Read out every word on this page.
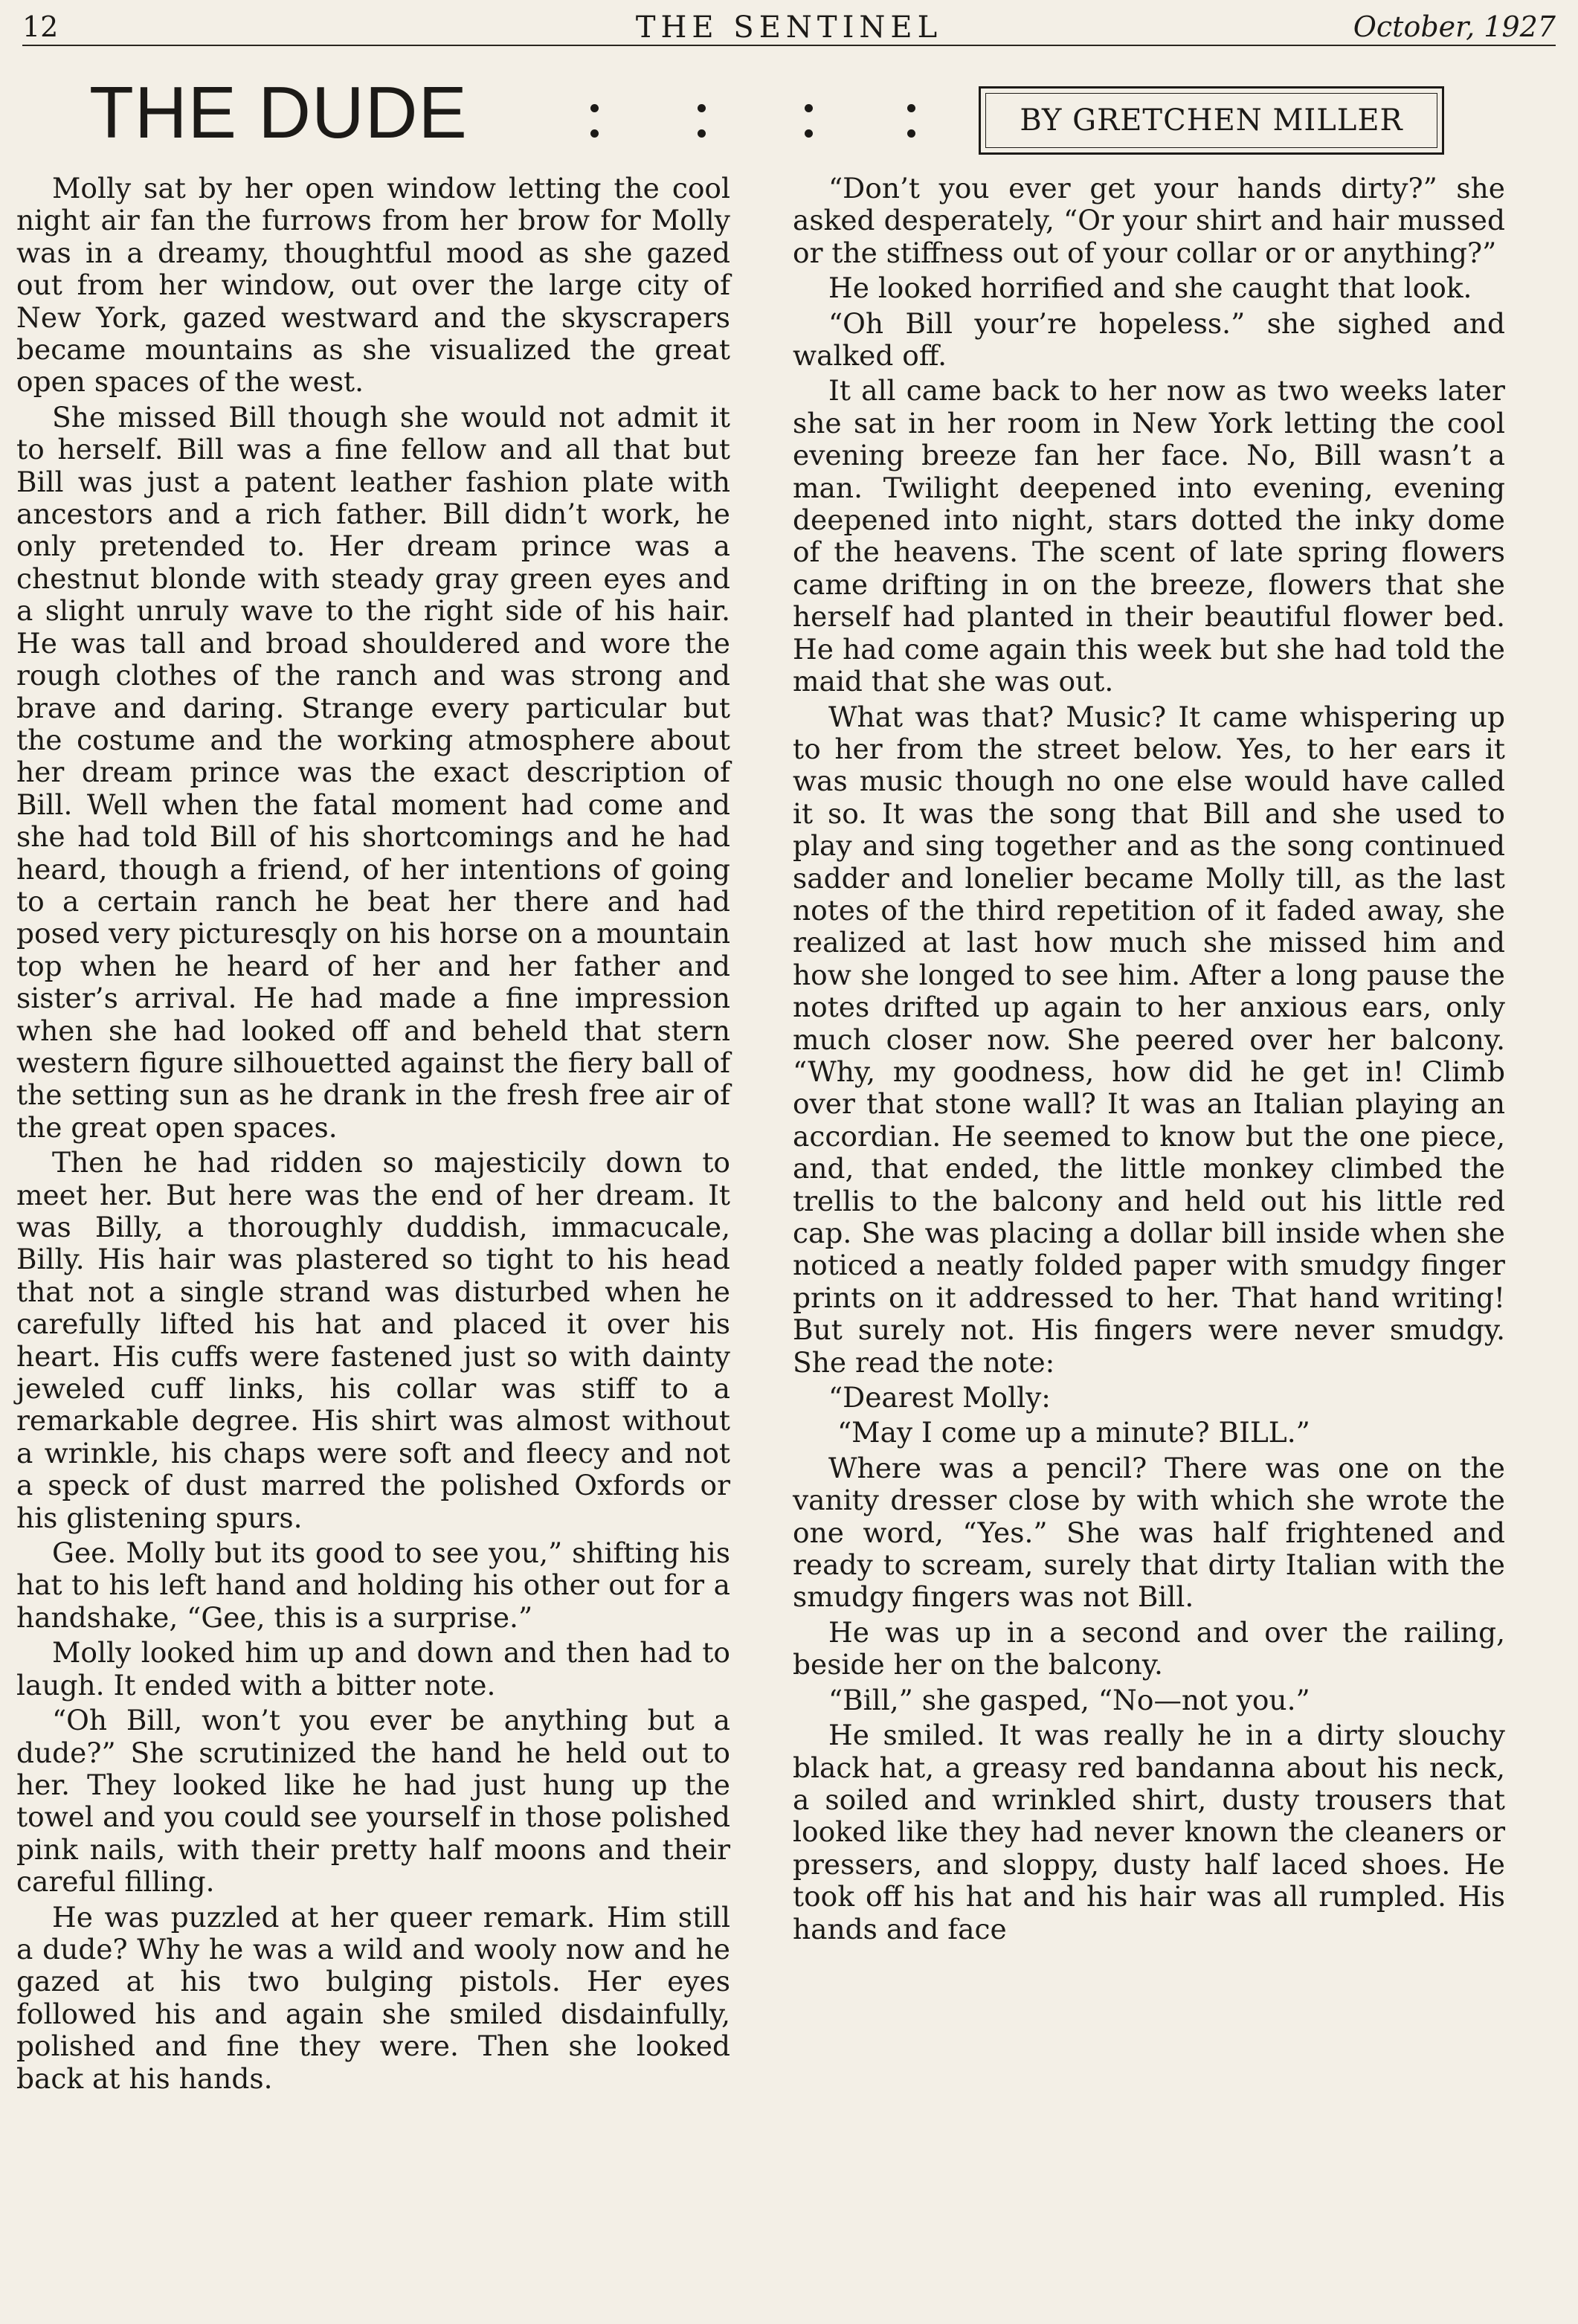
12	THE SENTINEL	October, 1927
THE DUDE	BY GRETCHEN MILLER

Molly sat by her open window letting the cool night air fan the furrows from her brow for Molly was in a dreamy, thoughtful mood as she gazed out from her window, out over the large city of New York, gazed westward and the skyscrapers became mountains as she visualized the great open spaces of the west.

She missed Bill though she would not admit it to herself. Bill was a fine fellow and all that but Bill was just a patent leather fashion plate with ancestors and a rich father. Bill didn’t work, he only pretended to. Her dream prince was a chestnut blonde with steady gray green eyes and a slight unruly wave to the right side of his hair. He was tall and broad shouldered and wore the rough clothes of the ranch and was strong and brave and daring. Strange every particular but the costume and the working atmosphere about her dream prince was the exact description of Bill. Well when the fatal moment had come and she had told Bill of his shortcomings and he had heard, though a friend, of her intentions of going to a certain ranch he beat her there and had posed very picturesqly on his horse on a mountain top when he heard of her and her father and sister’s arrival. He had made a fine impression when she had looked off and beheld that stern western figure silhouetted against the fiery ball of the setting sun as he drank in the fresh free air of the great open spaces.

Then he had ridden so majesticily down to meet her. But here was the end of her dream. It was Billy, a thoroughly duddish, immacucale, Billy. His hair was plastered so tight to his head that not a single strand was disturbed when he carefully lifted his hat and placed it over his heart. His cuffs were fastened just so with dainty jeweled cuff links, his collar was stiff to a remarkable degree. His shirt was almost without a wrinkle, his chaps were soft and fleecy and not a speck of dust marred the polished Oxfords or his glistening spurs.

Gee. Molly but its good to see you,” shifting his hat to his left hand and holding his other out for a handshake, “Gee, this is a surprise.”

Molly looked him up and down and then had to laugh. It ended with a bitter note.

“Oh Bill, won’t you ever be anything but a dude?” She scrutinized the hand he held out to her. They looked like he had just hung up the towel and you could see yourself in those polished pink nails, with their pretty half moons and their careful filling.

He was puzzled at her queer remark. Him still a dude? Why he was a wild and wooly now and he gazed at his two bulging pistols. Her eyes followed his and again she smiled disdainfully, polished and fine they were. Then she looked back at his hands.

“Don’t you ever get your hands dirty?” she asked desperately, “Or your shirt and hair mussed or the stiffness out of your collar or or anything?”

He looked horrified and she caught that look.

“Oh Bill your’re hopeless.” she sighed and walked off.

It all came back to her now as two weeks later she sat in her room in New York letting the cool evening breeze fan her face. No, Bill wasn’t a man. Twilight deepened into evening, evening deepened into night, stars dotted the inky dome of the heavens. The scent of late spring flowers came drifting in on the breeze, flowers that she herself had planted in their beautiful flower bed. He had come again this week but she had told the maid that she was out.

What was that? Music? It came whispering up to her from the street below. Yes, to her ears it was music though no one else would have called it so. It was the song that Bill and she used to play and sing together and as the song continued sadder and lonelier became Molly till, as the last notes of the third repetition of it faded away, she realized at last how much she missed him and how she longed to see him. After a long pause the notes drifted up again to her anxious ears, only much closer now. She peered over her balcony. “Why, my goodness, how did he get in! Climb over that stone wall? It was an Italian playing an accordian. He seemed to know but the one piece, and, that ended, the little monkey climbed the trellis to the balcony and held out his little red cap. She was placing a dollar bill inside when she noticed a neatly folded paper with smudgy finger prints on it addressed to her. That hand writing! But surely not. His fingers were never smudgy. She read the note:

“Dearest Molly:

“May I come up a minute? BILL.”

Where was a pencil? There was one on the vanity dresser close by with which she wrote the one word, “Yes.” She was half frightened and ready to scream, surely that dirty Italian with the smudgy fingers was not Bill.

He was up in a second and over the railing, beside her on the balcony.

“Bill,” she gasped, “No—not you.”

He smiled. It was really he in a dirty slouchy black hat, a greasy red bandanna about his neck, a soiled and wrinkled shirt, dusty trousers that looked like they had never known the cleaners or pressers, and sloppy, dusty half laced shoes. He took off his hat and his hair was all rumpled. His hands and face
